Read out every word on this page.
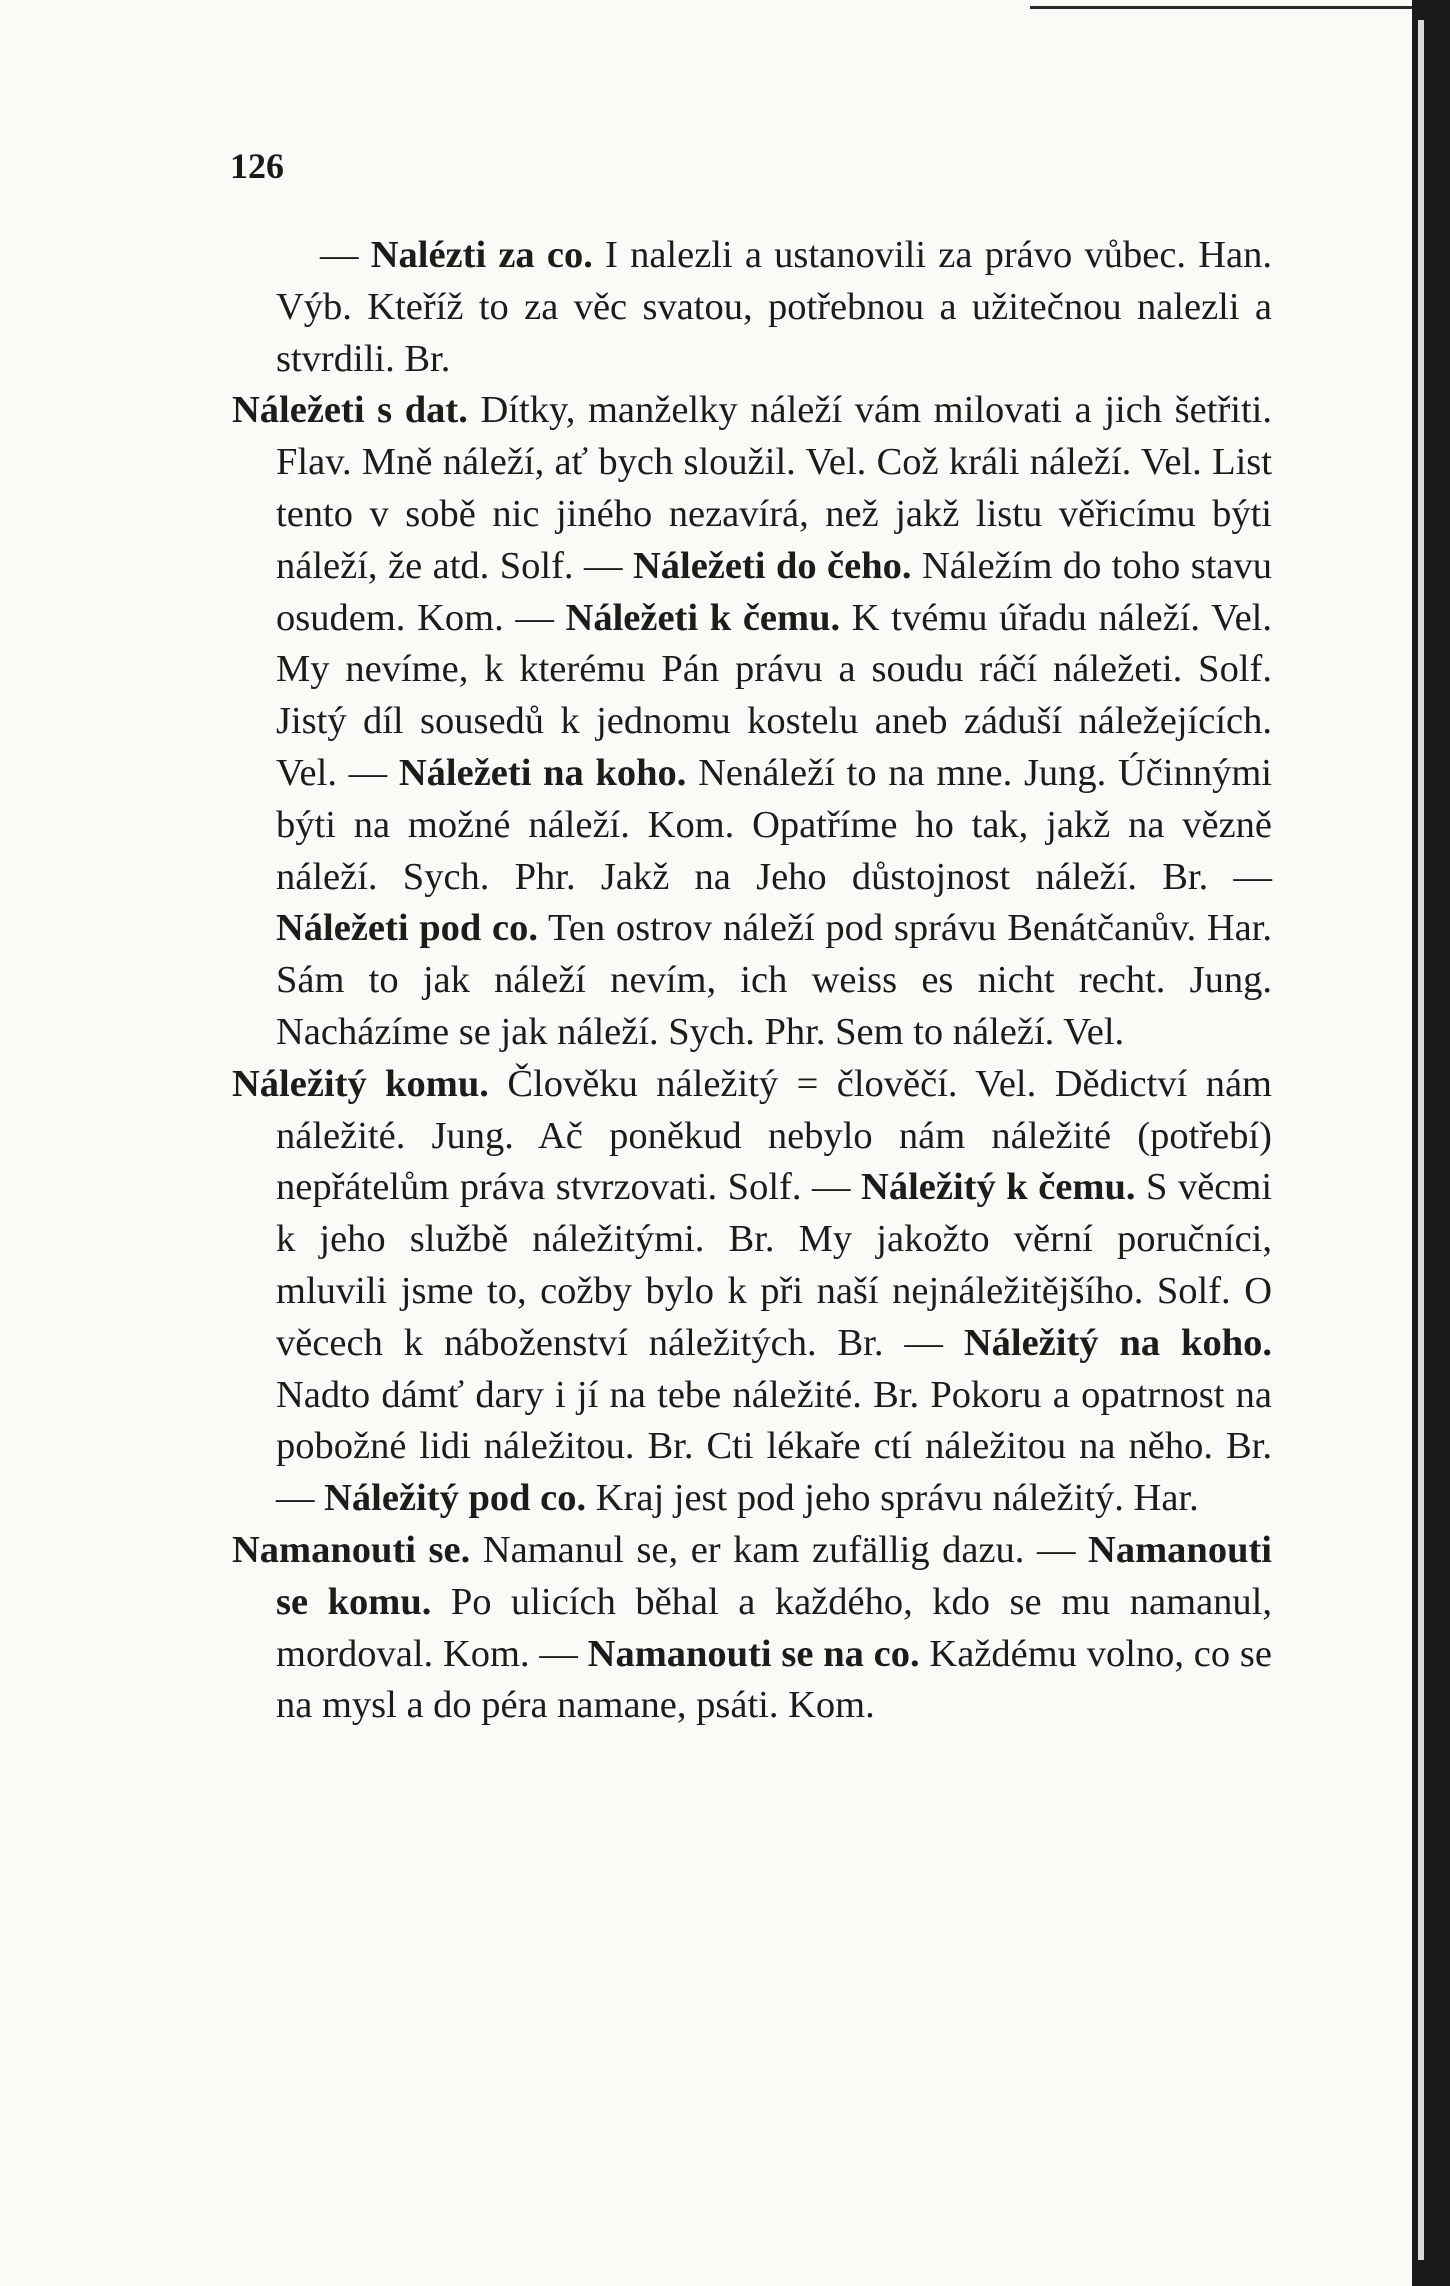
126

— Nalézti za co. I nalezli a ustanovili za právo vůbec. Han. Výb. Kteříž to za věc svatou, potřebnou a užitečnou nalezli a stvrdili. Br.

Náležeti s dat. Dítky, manželky náleží vám milovati a jich šetřiti. Flav. Mně náleží, ať bych sloužil. Vel. Což králi náleží. Vel. List tento v sobě nic jiného nezavírá, než jakž listu věřicímu býti náleží, že atd. Solf. — Náležeti do čeho. Náležím do toho stavu osudem. Kom. — Náležeti k čemu. K tvému úřadu náleží. Vel. My nevíme, k kterému Pán právu a soudu ráčí náležeti. Solf. Jistý díl sousedů k jednomu kostelu aneb záduší náležejících. Vel. — Náležeti na koho. Nenáleží to na mne. Jung. Účinnými býti na možné náleží. Kom. Opatříme ho tak, jakž na vězně náleží. Sych. Phr. Jakž na Jeho důstojnost náleží. Br. — Náležeti pod co. Ten ostrov náleží pod správu Benátčanův. Har. Sám to jak náleží nevím, ich weiss es nicht recht. Jung. Nacházíme se jak náleží. Sych. Phr. Sem to náleží. Vel.

Náležitý komu. Člověku náležitý = člověčí. Vel. Dědictví nám náležité. Jung. Ač poněkud nebylo nám náležité (potřebí) nepřátelům práva stvrzovati. Solf. — Náležitý k čemu. S věcmi k jeho službě náležitými. Br. My jakožto věrní poručníci, mluvili jsme to, cožby bylo k při naší nejnáležitějšího. Solf. O věcech k náboženství náležitých. Br. — Náležitý na koho. Nadto dámť dary i jí na tebe náležité. Br. Pokoru a opatrnost na pobožné lidi náležitou. Br. Cti lékaře ctí náležitou na něho. Br. — Náležitý pod co. Kraj jest pod jeho správu náležitý. Har.

Namanouti se. Namanul se, er kam zufällig dazu. — Namanouti se komu. Po ulicích běhal a každého, kdo se mu namanul, mordoval. Kom. — Namanouti se na co. Každému volno, co se na mysl a do péra namane, psáti. Kom.
